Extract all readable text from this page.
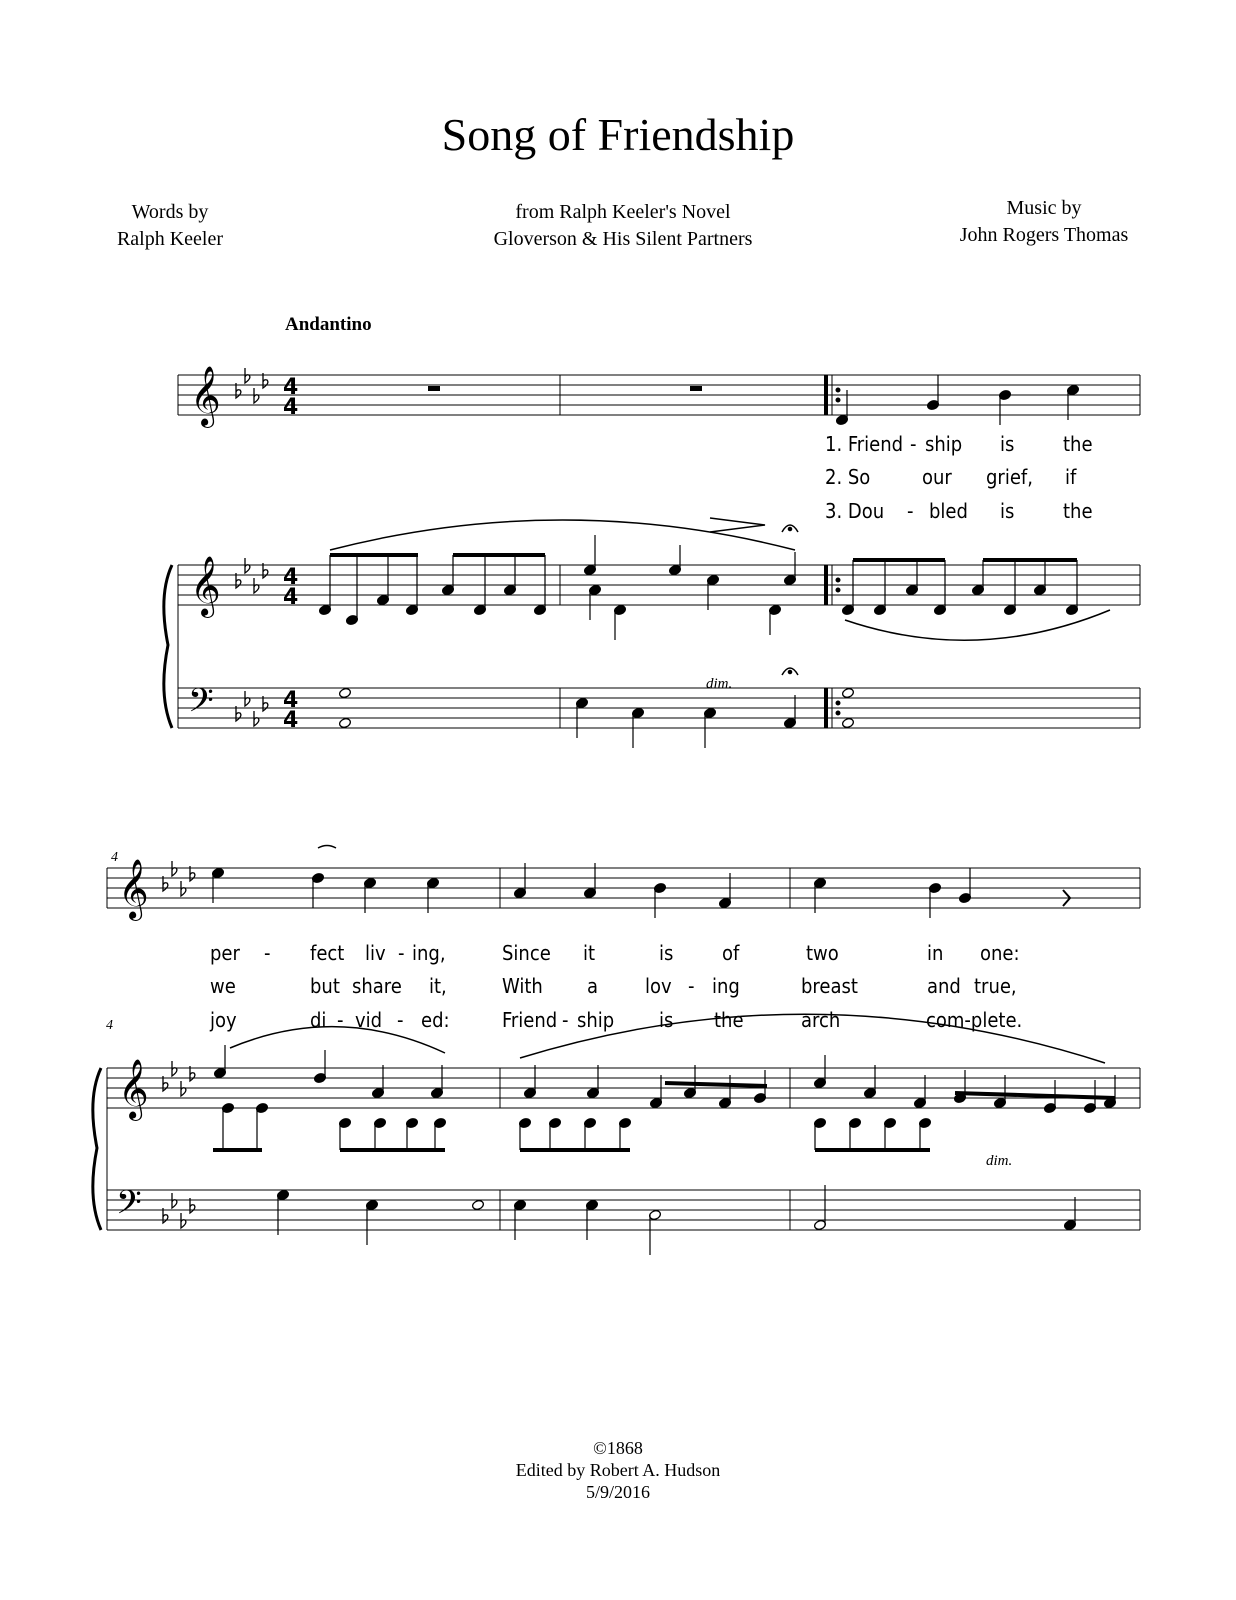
Song of Friendship
Words by
Ralph Keeler
from Ralph Keeler's Novel
Gloverson & His Silent Partners
Music by
John Rogers Thomas
Andantino
𝄞
𝄞
𝄢
4
4
4
4
4
4
𝄞
𝄞
𝄢
1. Friend - ship is the
2. So	our grief, if
3. Dou - bled is the
4
4
per - fect liv - ing,	Since it	is of	two	in one:
we	but share it,	With a lov - ing	breast	and true,
joy	di - vid - ed:	Friend - ship is the	arch	com-plete.
dim.
dim.
©1868
Edited by Robert A. Hudson
5/9/2016
